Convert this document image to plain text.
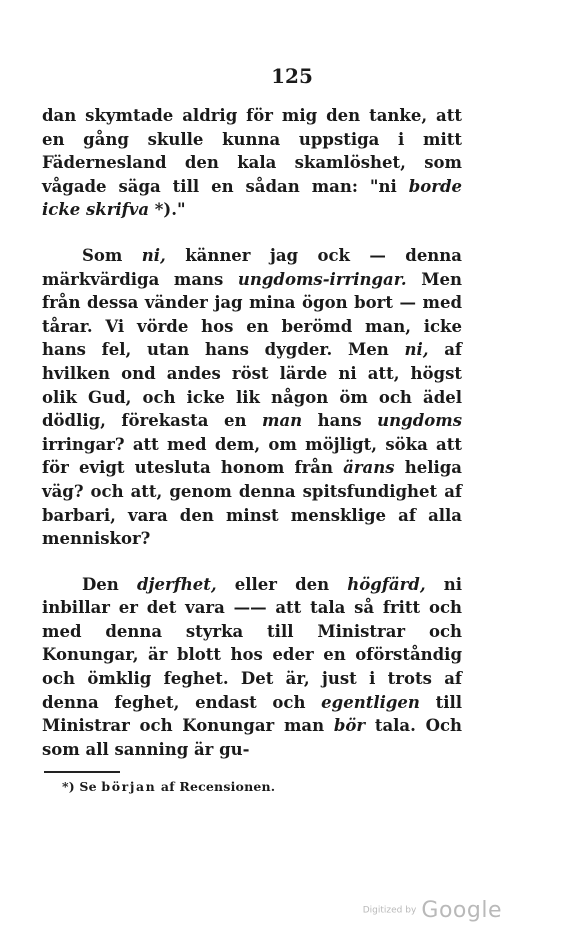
125

dan skymtade aldrig för mig den tanke, att en gång skulle kunna uppstiga i mitt Fädernesland den kala skamlöshet, som vågade säga till en sådan man: "ni borde icke skrifva *)."

Som ni, känner jag ock — denna märkvärdiga mans ungdoms-irringar. Men från dessa vänder jag mina ögon bort — med tårar. Vi vörde hos en berömd man, icke hans fel, utan hans dygder. Men ni, af hvilken ond andes röst lärde ni att, högst olik Gud, och icke lik någon öm och ädel dödlig, förekasta en man hans ungdoms irringar? att med dem, om möjligt, söka att för evigt utesluta honom från ärans heliga väg? och att, genom denna spitsfundighet af barbari, vara den minst mensklige af alla menniskor?

Den djerfhet, eller den högfärd, ni inbillar er det vara —— att tala så fritt och med denna styrka till Ministrar och Konungar, är blott hos eder en oförståndig och ömklig feghet. Det är, just i trots af denna feghet, endast och egentligen till Ministrar och Konungar man bör tala. Och som all sanning är gu-

*) Se början af Recensionen.
Digitized by Google
